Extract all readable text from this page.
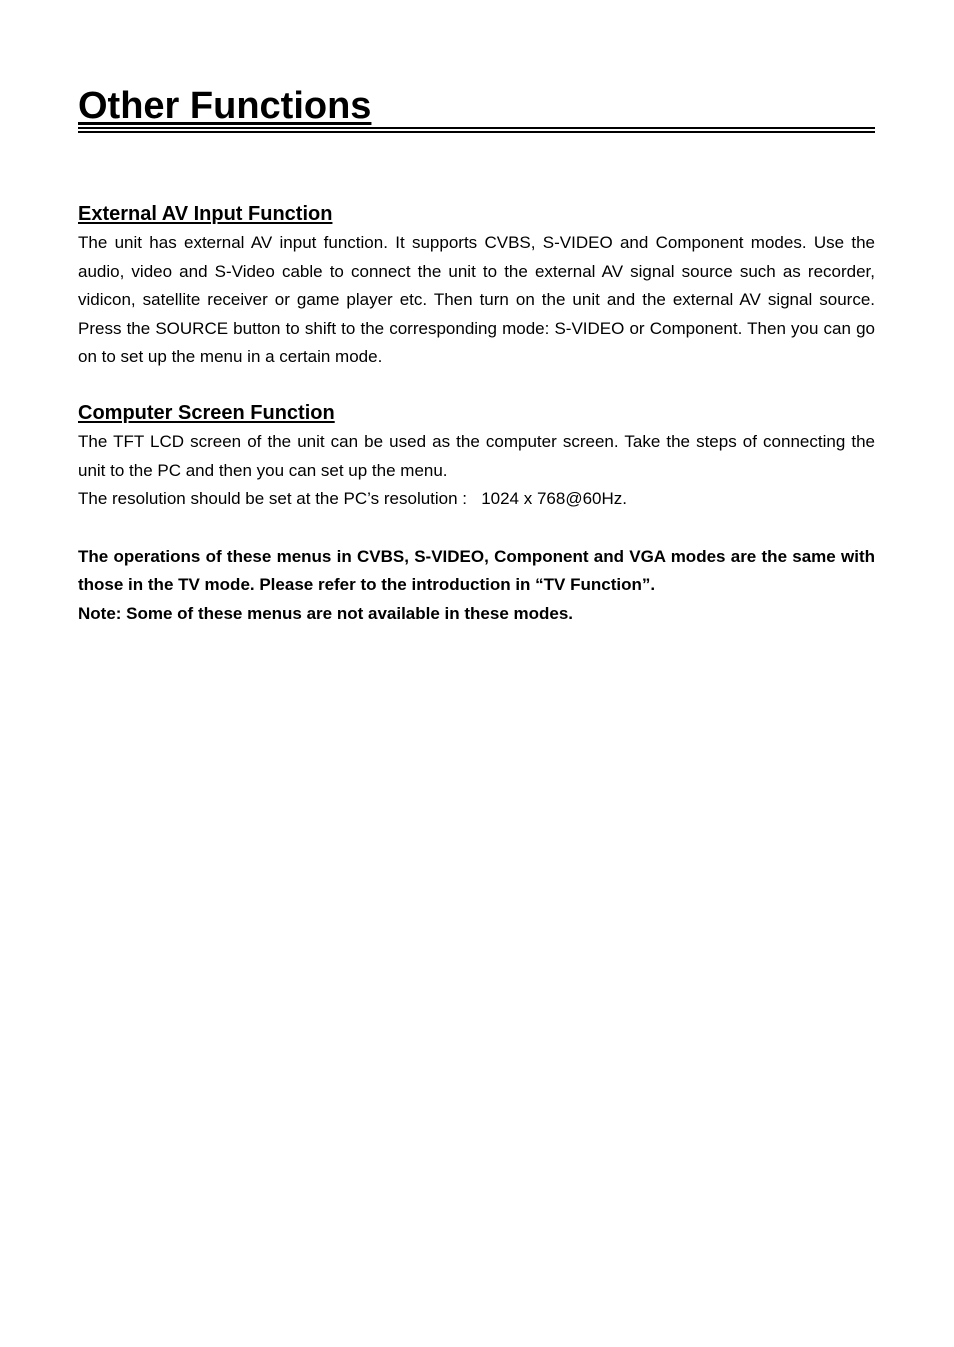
Other Functions
External AV Input Function

The unit has external AV input function. It supports CVBS, S-VIDEO and Component modes. Use the audio, video and S-Video cable to connect the unit to the external AV signal source such as recorder, vidicon, satellite receiver or game player etc. Then turn on the unit and the external AV signal source. Press the SOURCE button to shift to the corresponding mode: S-VIDEO or Component. Then you can go on to set up the menu in a certain mode.

Computer Screen Function

The TFT LCD screen of the unit can be used as the computer screen. Take the steps of connecting the unit to the PC and then you can set up the menu.

The resolution should be set at the PC’s resolution :   1024 x 768@60Hz.

The operations of these menus in CVBS, S-VIDEO, Component and VGA modes are the same with those in the TV mode. Please refer to the introduction in “TV Function”.

Note: Some of these menus are not available in these modes.
